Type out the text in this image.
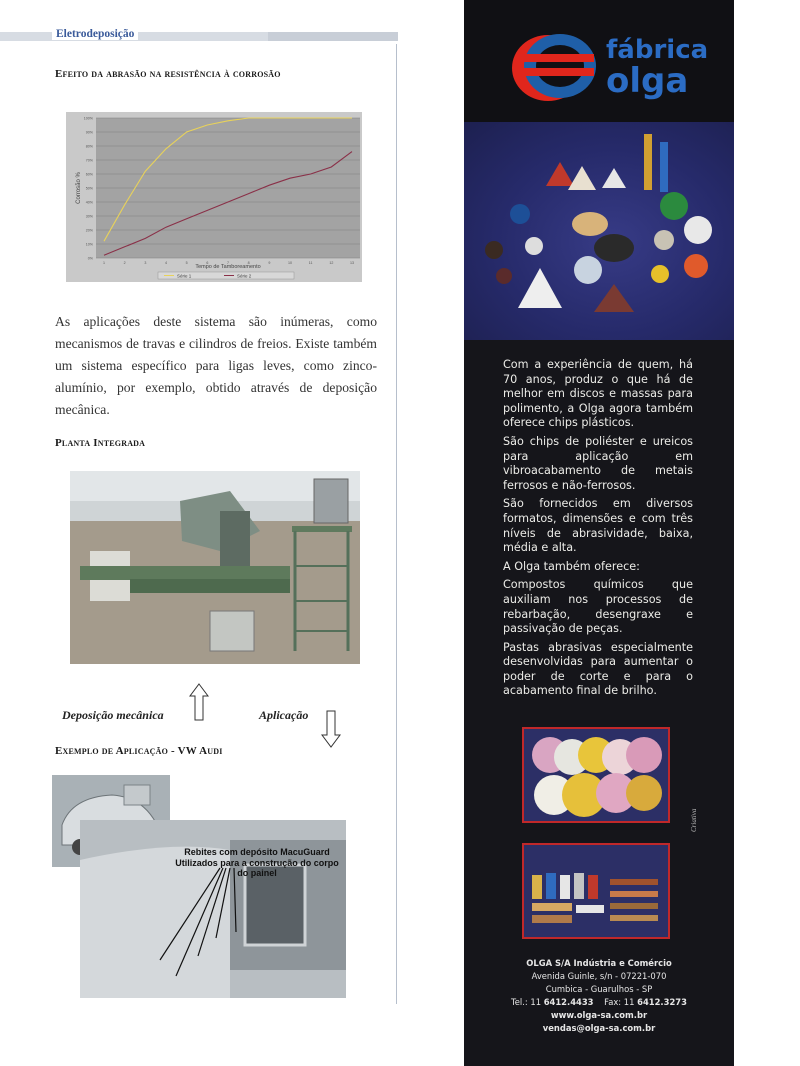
Eletrodeposição
Efeito da abrasão na resistência à corrosão
0%
10%
20%
30%
40%
50%
60%
70%
80%
90%
100%
1	2	3	4	5	6	7	8	9	10	11	12	13
Corrosão %
Tempo de Tamboreamento
Série 1	Série 2
As aplicações deste sistema são inúmeras, como mecanismos de travas e cilindros de freios. Existe também um sistema específico para ligas leves, como zinco- alumínio, por exemplo, obtido através de deposição mecânica.
Planta Integrada
Deposição mecânica	Aplicação
Exemplo de Aplicação - VW Audi
Rebites com depósito MacuGuard Utilizados para a construção do corpo do painel
fábrica
olga

Com a experiência de quem, há 70 anos, produz o que há de melhor em discos e massas para polimento, a Olga agora também oferece chips plásticos.

São chips de poliéster e ureicos para aplicação em vibroacabamento de metais ferrosos e não-ferrosos.

São fornecidos em diversos formatos, dimensões e com três níveis de abrasividade, baixa, média e alta.

A Olga também oferece:

Compostos químicos que auxiliam nos processos de rebarbação, desengraxe e passivação de peças.

Pastas abrasivas especialmente desenvolvidas para aumentar o poder de corte e para o acabamento final de brilho.

Criativa
OLGA S/A Indústria e Comércio
Avenida Guinle, s/n - 07221-070
Cumbica - Guarulhos - SP
Tel.: 11 6412.4433 Fax: 11 6412.3273
www.olga-sa.com.br
vendas@olga-sa.com.br
